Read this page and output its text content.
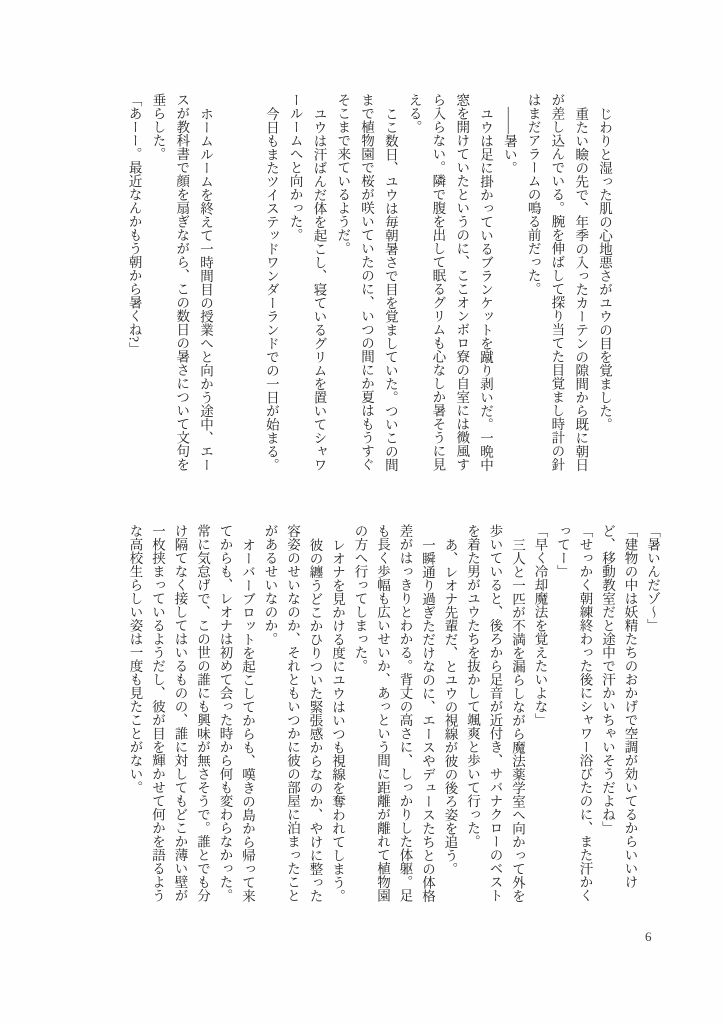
じわりと湿った肌の心地悪さがユウの目を覚ました。

重たい瞼の先で、年季の入ったカーテンの隙間から既に朝日が差し込んでいる。腕を伸ばして探り当てた目覚まし時計の針はまだアラームの鳴る前だった。

――暑い。

ユウは足に掛かっているブランケットを蹴り剥いだ。一晩中窓を開けていたというのに、ここオンボロ寮の自室には微風すら入らない。隣で腹を出して眠るグリムも心なしか暑そうに見える。

ここ数日、ユウは毎朝暑さで目を覚ましていた。ついこの間まで植物園で桜が咲いていたのに、いつの間にか夏はもうすぐそこまで来ているようだ。

ユウは汗ばんだ体を起こし、寝ているグリムを置いてシャワールームへと向かった。

今日もまたツイステッドワンダーランドでの一日が始まる。

ホームルームを終えて一時間目の授業へと向かう途中、エースが教科書で顔を扇ぎながら、この数日の暑さについて文句を垂らした。

「あーー。最近なんかもう朝から暑くね?」

「暑いんだゾ〜」

「建物の中は妖精たちのおかげで空調が効いてるからいいけど、移動教室だと途中で汗かいちゃいそうだよね」

「せっかく朝練終わった後にシャワー浴びたのに、また汗かくってー」

「早く冷却魔法を覚えたいよな」

三人と一匹が不満を漏らしながら魔法薬学室へ向かって外を歩いていると、後ろから足音が近付き、サバナクローのベストを着た男がユウたちを抜かして颯爽と歩いて行った。

あ、レオナ先輩だ、とユウの視線が彼の後ろ姿を追う。

一瞬通り過ぎただけなのに、エースやデュースたちとの体格差がはっきりとわかる。背丈の高さに、しっかりした体躯。足も長く歩幅も広いせいか、あっという間に距離が離れて植物園の方へ行ってしまった。

レオナを見かける度にユウはいつも視線を奪われてしまう。

彼の纏うどこかひりついた緊張感からなのか、やけに整った容姿のせいなのか、それともいつかに彼の部屋に泊まったことがあるせいなのか。

オーバーブロットを起こしてからも、嘆きの島から帰って来てからも、レオナは初めて会った時から何も変わらなかった。常に気怠げで、この世の誰にも興味が無さそうで。誰とでも分け隔てなく接してはいるものの、誰に対してもどこか薄い壁が一枚挟まっているようだし、彼が目を輝かせて何かを語るような高校生らしい姿は一度も見たことがない。

6
